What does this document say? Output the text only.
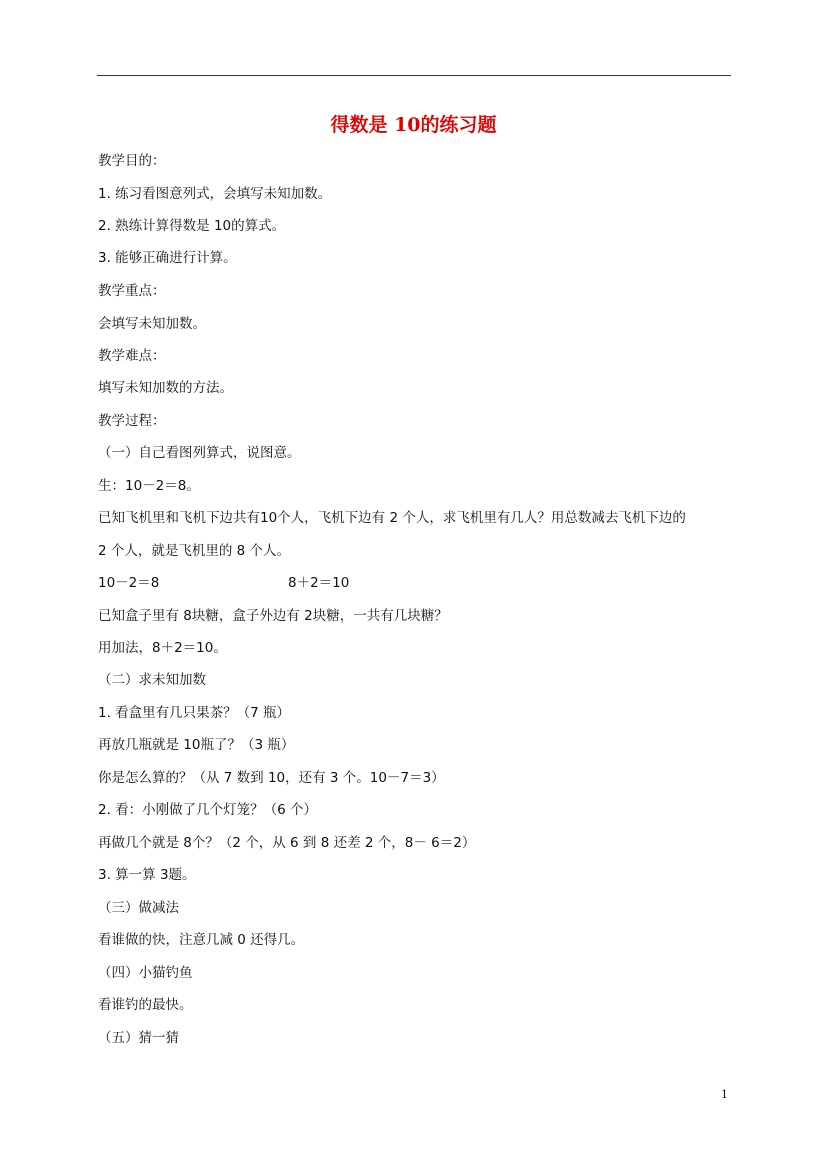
得数是 10的练习题
教学目的：
1. 练习看图意列式，会填写未知加数。
2. 熟练计算得数是 10的算式。
3. 能够正确进行计算。
教学重点：
会填写未知加数。
教学难点：
填写未知加数的方法。
教学过程：
（一）自己看图列算式，说图意。
生：10－2＝8。
已知飞机里和飞机下边共有10个人，飞机下边有 2 个人，求飞机里有几人？用总数减去飞机下边的
2 个人，就是飞机里的 8 个人。
10－2＝8	8＋2＝10
已知盒子里有 8块糖，盒子外边有 2块糖，一共有几块糖？
用加法，8＋2＝10。
（二）求未知加数
1. 看盒里有几只果茶？（7 瓶）
再放几瓶就是 10瓶了？（3 瓶）
你是怎么算的？（从 7 数到 10，还有 3 个。10－7＝3）
2. 看：小刚做了几个灯笼？（6 个）
再做几个就是 8个？（2 个，从 6 到 8 还差 2 个，8－ 6＝2）
3. 算一算 3题。
（三）做减法
看谁做的快，注意几减 0 还得几。
（四）小猫钓鱼
看谁钓的最快。
（五）猜一猜
1
